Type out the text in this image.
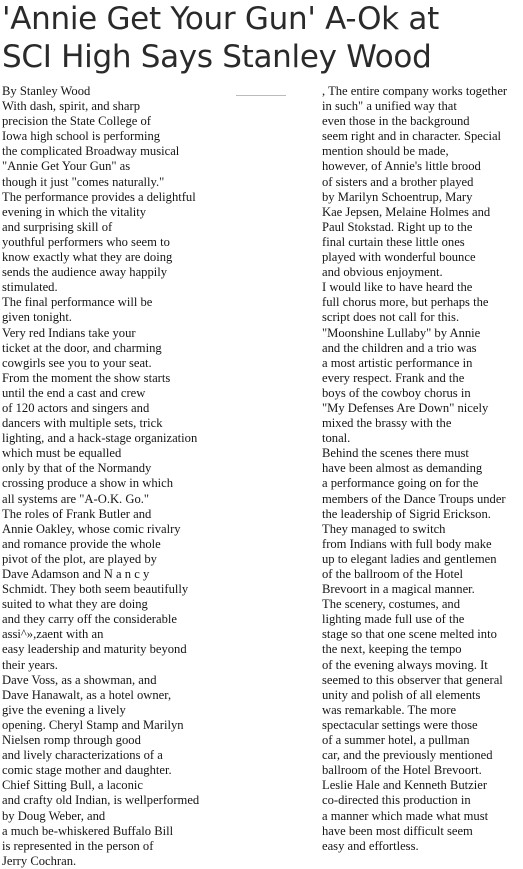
'Annie Get Your Gun' A-Ok at
SCI High Says Stanley Wood
By Stanley Wood
With dash, spirit, and sharp
precision the State College of
Iowa high school is performing
the complicated Broadway musical
"Annie Get Your Gun" as
though it just "comes naturally."
The performance provides a delightful
evening in which the vitality
and surprising skill of
youthful performers who seem to
know exactly what they are doing
sends the audience away happily
stimulated.
The final performance will be
given tonight.
Very red Indians take your
ticket at the door, and charming
cowgirls see you to your seat.
From the moment the show starts
until the end a cast and crew
of 120 actors and singers and
dancers with multiple sets, trick
lighting, and a hack-stage organization
which must be equalled
only by that of the Normandy
crossing produce a show in which
all systems are "A-O.K. Go."
The roles of Frank Butler and
Annie Oakley, whose comic rivalry
and romance provide the whole
pivot of the plot, are played by
Dave Adamson and N a n c y
Schmidt. They both seem beautifully
suited to what they are doing
and they carry off the considerable
assi^»,zaent with an
easy leadership and maturity beyond
their years.
Dave Voss, as a showman, and
Dave Hanawalt, as a hotel owner,
give the evening a lively
opening. Cheryl Stamp and Marilyn
Nielsen romp through good
and lively characterizations of a
comic stage mother and daughter.
Chief Sitting Bull, a laconic
and crafty old Indian, is wellperformed
by Doug Weber, and
a much be-whiskered Buffalo Bill
is represented in the person of
Jerry Cochran.
, The entire company works together
in such" a unified way that
even those in the background
seem right and in character. Special
mention should be made,
however, of Annie's little brood
of sisters and a brother played
by Marilyn Schoentrup, Mary
Kae Jepsen, Melaine Holmes and
Paul Stokstad. Right up to the
final curtain these little ones
played with wonderful bounce
and obvious enjoyment.
I would like to have heard the
full chorus more, but perhaps the
script does not call for this.
"Moonshine Lullaby" by Annie
and the children and a trio was
a most artistic performance in
every respect. Frank and the
boys of the cowboy chorus in
"My Defenses Are Down" nicely
mixed the brassy with the
tonal.
Behind the scenes there must
have been almost as demanding
a performance going on for the
members of the Dance Troups under
the leadership of Sigrid Erickson.
They managed to switch
from Indians with full body make
up to elegant ladies and gentlemen
of the ballroom of the Hotel
Brevoort in a magical manner.
The scenery, costumes, and
lighting made full use of the
stage so that one scene melted into
the next, keeping the tempo
of the evening always moving. It
seemed to this observer that general
unity and polish of all elements
was remarkable. The more
spectacular settings were those
of a summer hotel, a pullman
car, and the previously mentioned
ballroom of the Hotel Brevoort.
Leslie Hale and Kenneth Butzier
co-directed this production in
a manner which made what must
have been most difficult seem
easy and effortless.
